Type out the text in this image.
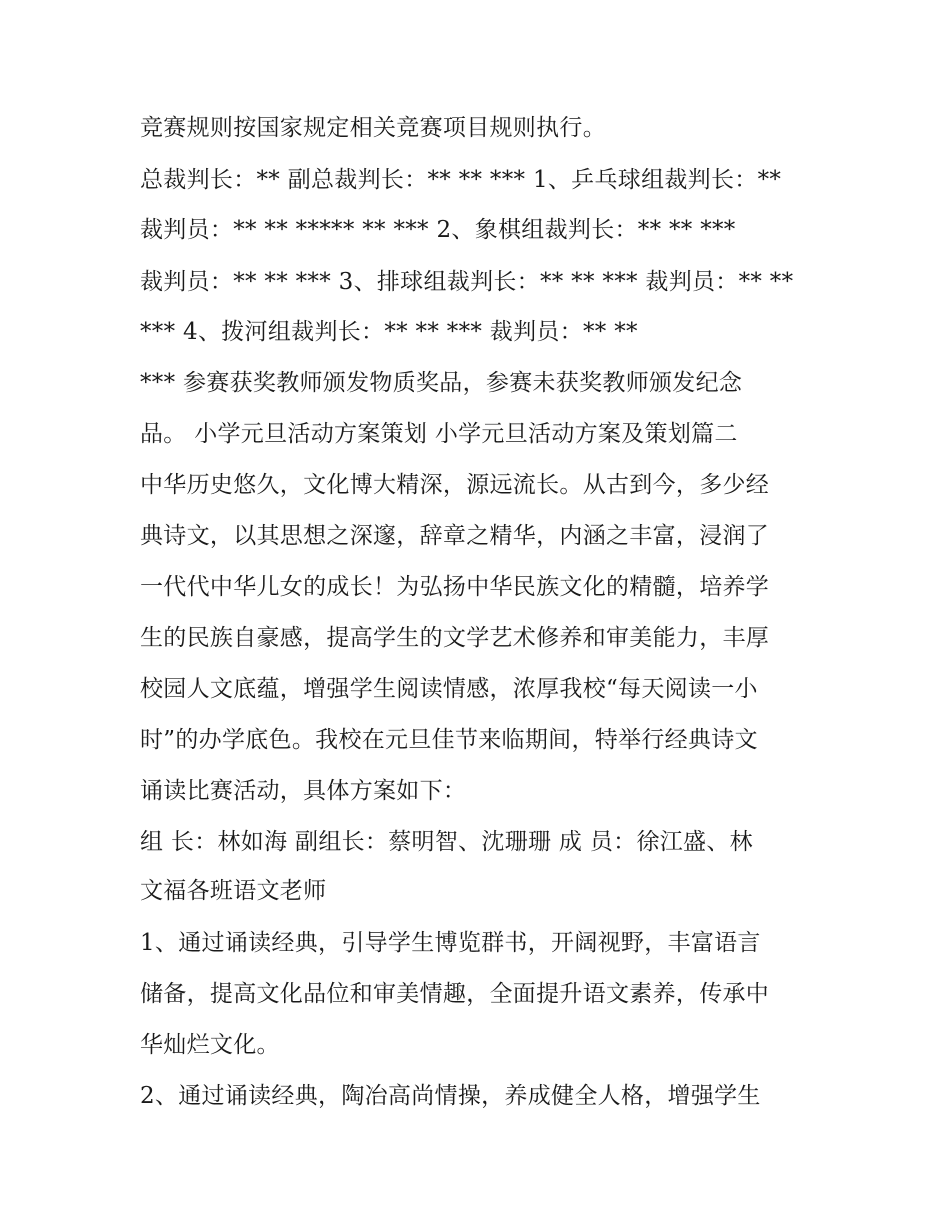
竞赛规则按国家规定相关竞赛项目规则执行。
总裁判长：** 副总裁判长：** ** *** 1、乒乓球组裁判长：**
裁判员：** ** ***** ** *** 2、象棋组裁判长：** ** ***
裁判员：** ** *** 3、排球组裁判长：** ** *** 裁判员：** **
*** 4、拨河组裁判长：** ** *** 裁判员：** **
*** 参赛获奖教师颁发物质奖品，参赛未获奖教师颁发纪念
品。 小学元旦活动方案策划 小学元旦活动方案及策划篇二
中华历史悠久，文化博大精深，源远流长。从古到今，多少经
典诗文，以其思想之深邃，辞章之精华，内涵之丰富，浸润了
一代代中华儿女的成长！为弘扬中华民族文化的精髓，培养学
生的民族自豪感，提高学生的文学艺术修养和审美能力，丰厚
校园人文底蕴，增强学生阅读情感，浓厚我校“每天阅读一小
时”的办学底色。我校在元旦佳节来临期间，特举行经典诗文
诵读比赛活动，具体方案如下：
组 长：林如海 副组长：蔡明智、沈珊珊 成 员：徐江盛、林
文福各班语文老师
1、通过诵读经典，引导学生博览群书，开阔视野，丰富语言
储备，提高文化品位和审美情趣，全面提升语文素养，传承中
华灿烂文化。
2、通过诵读经典，陶冶高尚情操，养成健全人格，增强学生
